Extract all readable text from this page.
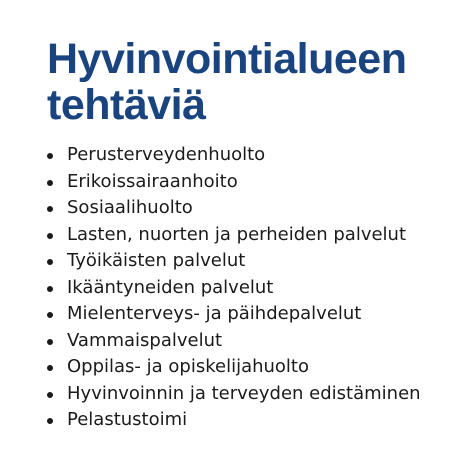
Hyvinvointialueen
tehtäviä
Perusterveydenhuolto
Erikoissairaanhoito
Sosiaalihuolto
Lasten, nuorten ja perheiden palvelut
Työikäisten palvelut
Ikääntyneiden palvelut
Mielenterveys- ja päihdepalvelut
Vammaispalvelut
Oppilas- ja opiskelijahuolto
Hyvinvoinnin ja terveyden edistäminen
Pelastustoimi
